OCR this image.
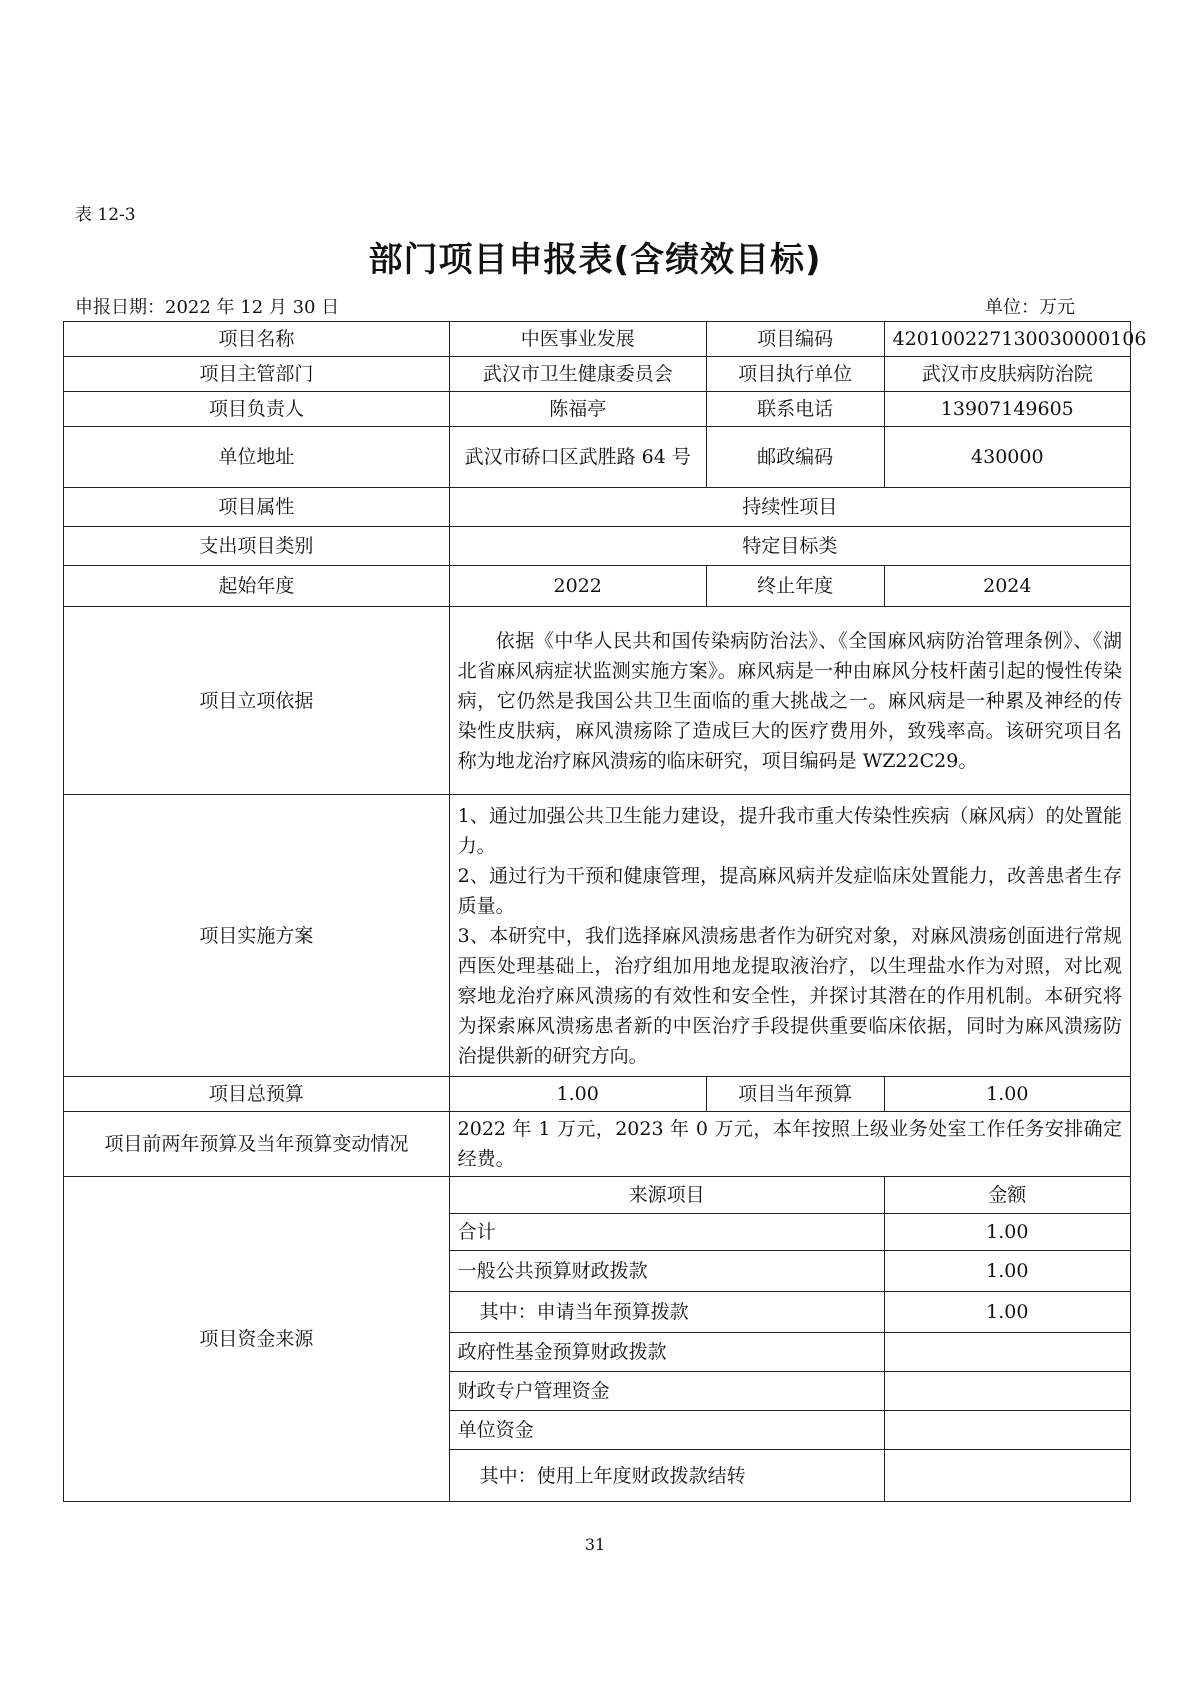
表 12-3
部门项目申报表(含绩效目标)
申报日期：2022 年 12 月 30 日	单位：万元
项目名称	中医事业发展	项目编码	420100227130030000106
项目主管部门	武汉市卫生健康委员会	项目执行单位	武汉市皮肤病防治院
项目负责人	陈福亭	联系电话	13907149605
单位地址	武汉市硚口区武胜路 64 号	邮政编码	430000
项目属性	持续性项目		
支出项目类别	特定目标类		
起始年度	2022	终止年度	2024
项目立项依据	依据《中华人民共和国传染病防治法》、《全国麻风病防治管理条例》、《湖北省麻风病症状监测实施方案》。麻风病是一种由麻风分枝杆菌引起的慢性传染病，它仍然是我国公共卫生面临的重大挑战之一。麻风病是一种累及神经的传染性皮肤病，麻风溃疡除了造成巨大的医疗费用外，致残率高。该研究项目名称为地龙治疗麻风溃疡的临床研究，项目编码是 WZ22C29。		
项目实施方案	1、通过加强公共卫生能力建设，提升我市重大传染性疾病（麻风病）的处置能力。
2、通过行为干预和健康管理，提高麻风病并发症临床处置能力，改善患者生存质量。
3、本研究中，我们选择麻风溃疡患者作为研究对象，对麻风溃疡创面进行常规西医处理基础上，治疗组加用地龙提取液治疗，以生理盐水作为对照，对比观察地龙治疗麻风溃疡的有效性和安全性，并探讨其潜在的作用机制。本研究将为探索麻风溃疡患者新的中医治疗手段提供重要临床依据，同时为麻风溃疡防治提供新的研究方向。		

项目总预算	1.00	项目当年预算	1.00
项目前两年预算及当年预算变动情况	2022 年 1 万元，2023 年 0 万元，本年按照上级业务处室工作任务安排确定经费。		
项目资金来源	来源项目		金额
	合计		1.00
	一般公共预算财政拨款		1.00
	其中：申请当年预算拨款		1.00
	政府性基金预算财政拨款		
	财政专户管理资金		
	单位资金		
	其中：使用上年度财政拨款结转		
31
